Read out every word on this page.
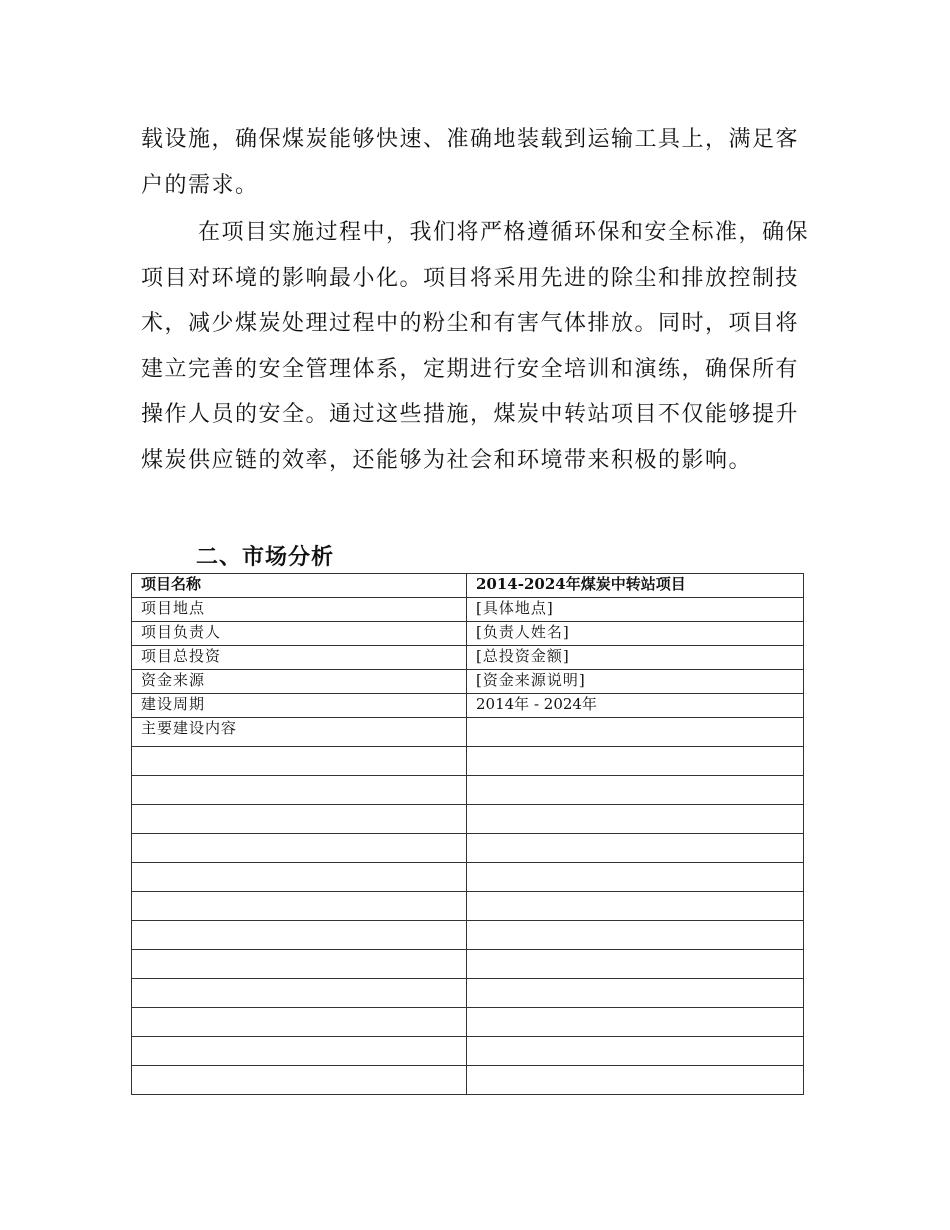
载设施，确保煤炭能够快速、准确地装载到运输工具上，满足客户的需求。

在项目实施过程中，我们将严格遵循环保和安全标准，确保项目对环境的影响最小化。项目将采用先进的除尘和排放控制技术，减少煤炭处理过程中的粉尘和有害气体排放。同时，项目将建立完善的安全管理体系，定期进行安全培训和演练，确保所有操作人员的安全。通过这些措施，煤炭中转站项目不仅能够提升煤炭供应链的效率，还能够为社会和环境带来积极的影响。

二、市场分析
项目名称	2014-2024年煤炭中转站项目
项目地点	[具体地点]
项目负责人	[负责人姓名]
项目总投资	[总投资金额]
资金来源	[资金来源说明]
建设周期	2014年 - 2024年
主要建设内容	
